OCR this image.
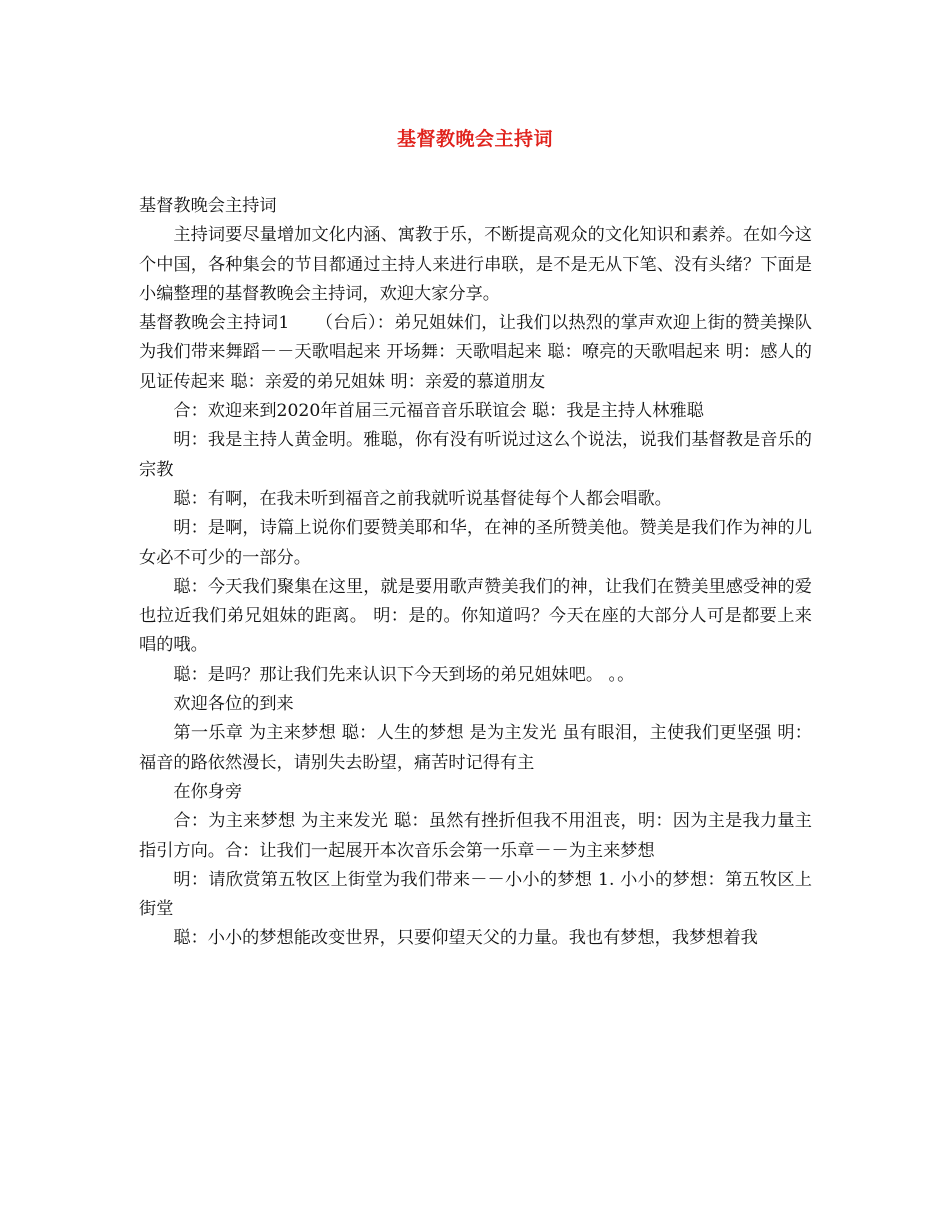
基督教晚会主持词

基督教晚会主持词

主持词要尽量增加文化内涵、寓教于乐，不断提高观众的文化知识和素养。在如今这个中国，各种集会的节目都通过主持人来进行串联，是不是无从下笔、没有头绪？下面是小编整理的基督教晚会主持词，欢迎大家分享。

基督教晚会主持词1　　（台后）：弟兄姐妹们，让我们以热烈的掌声欢迎上街的赞美操队为我们带来舞蹈－－天歌唱起来 开场舞：天歌唱起来 聪：嘹亮的天歌唱起来 明：感人的见证传起来 聪：亲爱的弟兄姐妹 明：亲爱的慕道朋友

合：欢迎来到2020年首届三元福音音乐联谊会 聪：我是主持人林雅聪

明：我是主持人黄金明。雅聪，你有没有听说过这么个说法，说我们基督教是音乐的宗教

聪：有啊，在我未听到福音之前我就听说基督徒每个人都会唱歌。

明：是啊，诗篇上说你们要赞美耶和华，在神的圣所赞美他。赞美是我们作为神的儿女必不可少的一部分。

聪：今天我们聚集在这里，就是要用歌声赞美我们的神，让我们在赞美里感受神的爱也拉近我们弟兄姐妹的距离。 明：是的。你知道吗？今天在座的大部分人可是都要上来唱的哦。

聪：是吗？那让我们先来认识下今天到场的弟兄姐妹吧。 。。

欢迎各位的到来

第一乐章 为主来梦想 聪：人生的梦想 是为主发光 虽有眼泪，主使我们更坚强 明：福音的路依然漫长，请别失去盼望，痛苦时记得有主

在你身旁

合：为主来梦想 为主来发光 聪：虽然有挫折但我不用沮丧，明：因为主是我力量主指引方向。合：让我们一起展开本次音乐会第一乐章－－为主来梦想

明：请欣赏第五牧区上街堂为我们带来－－小小的梦想 1. 小小的梦想：第五牧区上街堂

聪：小小的梦想能改变世界，只要仰望天父的力量。我也有梦想，我梦想着我
